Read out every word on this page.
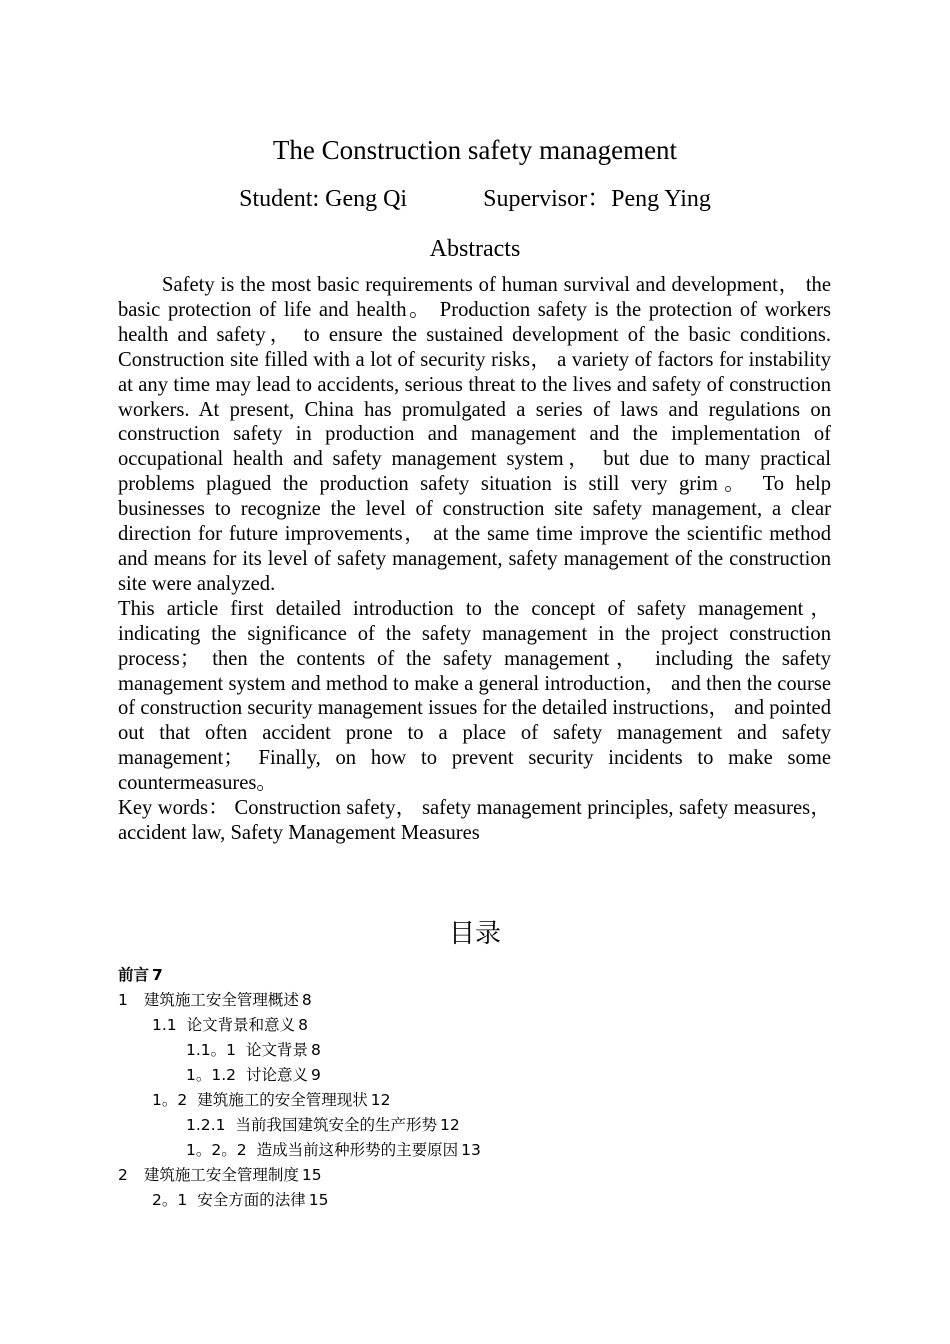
The Construction safety management
Student: Geng Qi	Supervisor：Peng Ying
Abstracts

Safety is the most basic requirements of human survival and development， the basic protection of life and health。 Production safety is the protection of workers health and safety， to ensure the sustained development of the basic conditions. Construction site filled with a lot of security risks， a variety of factors for instability at any time may lead to accidents, serious threat to the lives and safety of construction workers. At present, China has promulgated a series of laws and regulations on construction safety in production and management and the implementation of occupational health and safety management system， but due to many practical problems plagued the production safety situation is still very grim。 To help businesses to recognize the level of construction site safety management, a clear direction for future improvements， at the same time improve the scientific method and means for its level of safety management, safety management of the construction site were analyzed.

This article first detailed introduction to the concept of safety management，indicating the significance of the safety management in the project construction process； then the contents of the safety management， including the safety management system and method to make a general introduction， and then the course of construction security management issues for the detailed instructions， and pointed out that often accident prone to a place of safety management and safety management； Finally, on how to prevent security incidents to make some countermeasures。

Key words： Construction safety， safety management principles, safety measures， accident law, Safety Management Measures

目录
前言 7
1 建筑施工安全管理概述 8
1.1 论文背景和意义 8
1.1。1 论文背景 8
1。1.2 讨论意义 9
1。2 建筑施工的安全管理现状 12
1.2.1 当前我国建筑安全的生产形势 12
1。2。2 造成当前这种形势的主要原因 13
2 建筑施工安全管理制度 15
2。1 安全方面的法律 15
